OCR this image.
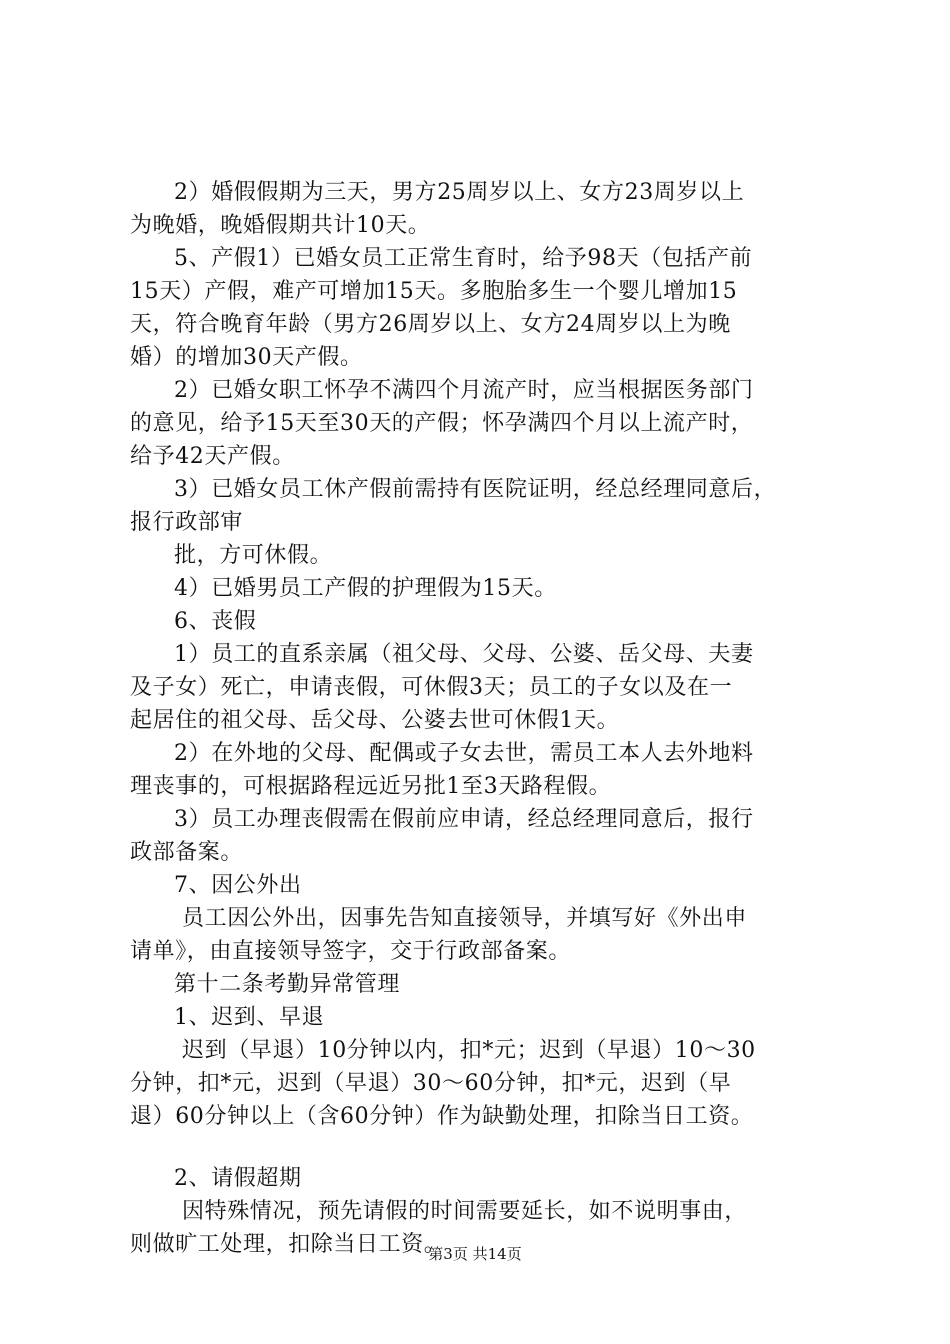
2）婚假假期为三天，男方25周岁以上、女方23周岁以上
为晚婚，晚婚假期共计10天。
5、产假1）已婚女员工正常生育时，给予98天（包括产前
15天）产假，难产可增加15天。多胞胎多生一个婴儿增加15
天，符合晚育年龄（男方26周岁以上、女方24周岁以上为晚
婚）的增加30天产假。
2）已婚女职工怀孕不满四个月流产时，应当根据医务部门
的意见，给予15天至30天的产假；怀孕满四个月以上流产时，
给予42天产假。
3）已婚女员工休产假前需持有医院证明，经总经理同意后，
报行政部审
批，方可休假。
4）已婚男员工产假的护理假为15天。
6、丧假
1）员工的直系亲属（祖父母、父母、公婆、岳父母、夫妻
及子女）死亡，申请丧假，可休假3天；员工的子女以及在一
起居住的祖父母、岳父母、公婆去世可休假1天。
2）在外地的父母、配偶或子女去世，需员工本人去外地料
理丧事的，可根据路程远近另批1至3天路程假。
3）员工办理丧假需在假前应申请，经总经理同意后，报行
政部备案。
7、因公外出
员工因公外出，因事先告知直接领导，并填写好《外出申
请单》，由直接领导签字，交于行政部备案。
第十二条考勤异常管理
1、迟到、早退
迟到（早退）10分钟以内，扣*元；迟到（早退）10～30
分钟，扣*元，迟到（早退）30～60分钟，扣*元，迟到（早
退）60分钟以上（含60分钟）作为缺勤处理，扣除当日工资。
2、请假超期
因特殊情况，预先请假的时间需要延长，如不说明事由，
则做旷工处理，扣除当日工资。
第3页 共14页
